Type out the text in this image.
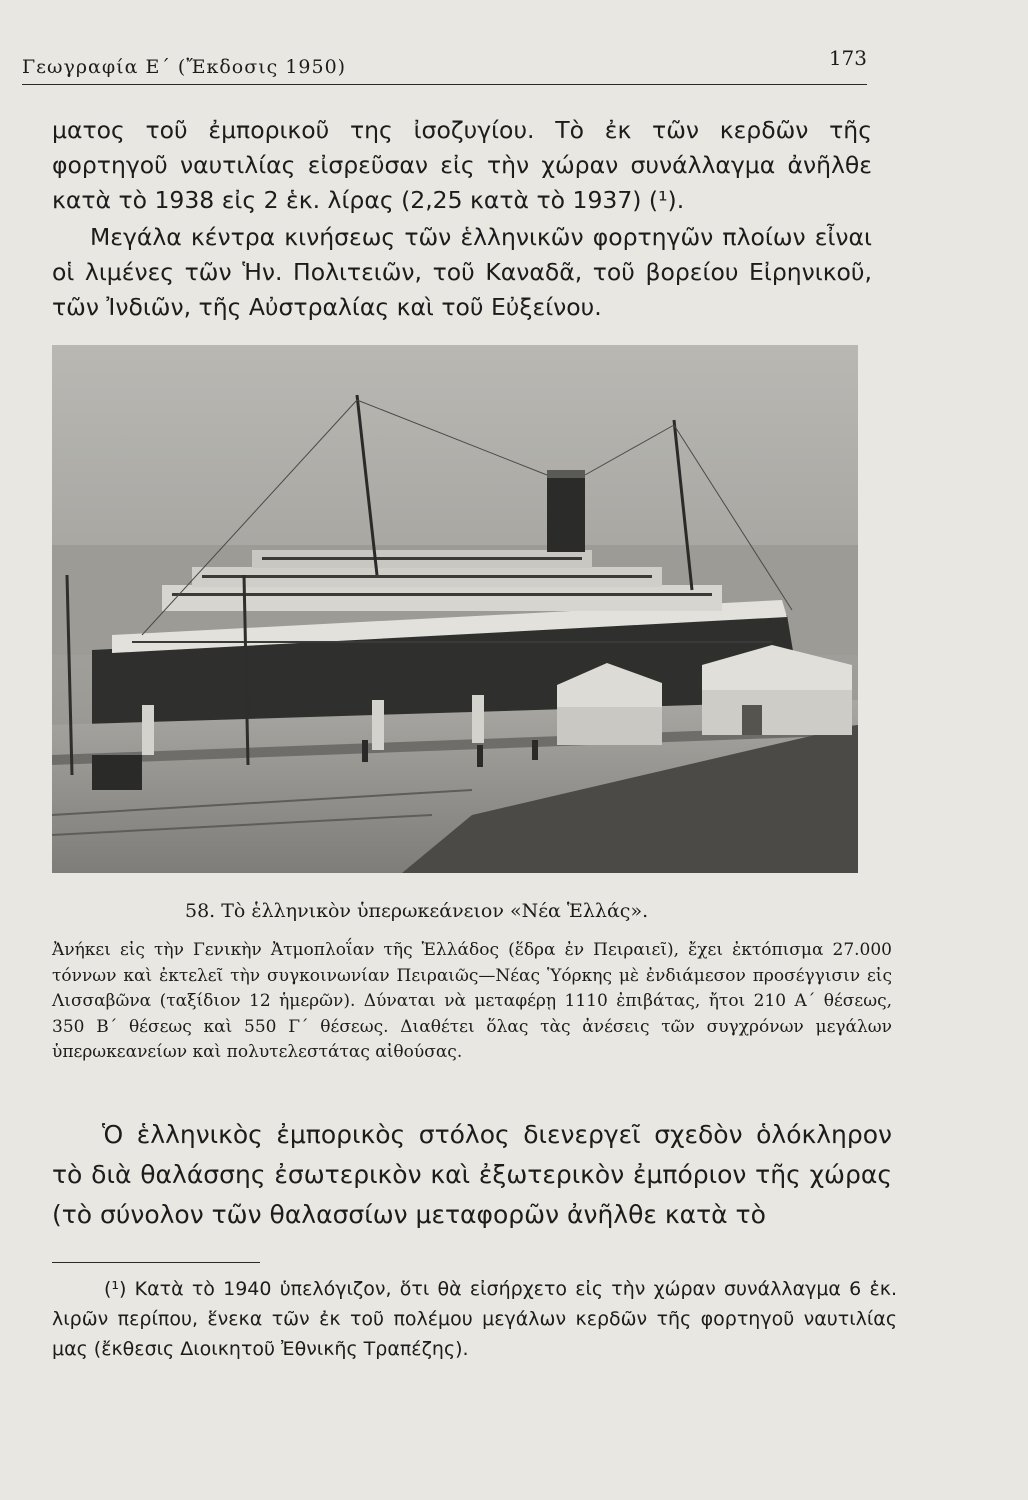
Γεωγραφία Ε΄ (Ἔκδοσις 1950)	173

ματος τοῦ ἐμπορικοῦ της ἰσοζυγίου. Τὸ ἐκ τῶν κερδῶν τῆς φορτηγοῦ ναυτιλίας εἰσρεῦσαν εἰς τὴν χώραν συνάλλαγμα ἀνῆλθε κατὰ τὸ 1938 εἰς 2 ἑκ. λίρας (2,25 κατὰ τὸ 1937) (¹).

Μεγάλα κέντρα κινήσεως τῶν ἑλληνικῶν φορτηγῶν πλοίων εἶναι οἱ λιμένες τῶν Ἡν. Πολιτειῶν, τοῦ Καναδᾶ, τοῦ βορείου Εἰρηνικοῦ, τῶν Ἰνδιῶν, τῆς Αὐστραλίας καὶ τοῦ Εὐξείνου.

58. Τὸ ἑλληνικὸν ὑπερωκεάνειον «Νέα Ἑλλάς».

Ἀνήκει εἰς τὴν Γενικὴν Ἀτμοπλοΐαν τῆς Ἑλλάδος (ἕδρα ἐν Πειραιεῖ), ἔχει ἐκτόπισμα 27.000 τόννων καὶ ἐκτελεῖ τὴν συγκοινωνίαν Πειραιῶς—Νέας Ὑόρκης μὲ ἐνδιάμεσον προσέγγισιν εἰς Λισσαβῶνα (ταξίδιον 12 ἡμερῶν). Δύναται νὰ μεταφέρῃ 1110 ἐπιβάτας, ἤτοι 210 Α΄ θέσεως, 350 Β΄ θέσεως καὶ 550 Γ΄ θέσεως. Διαθέτει ὅλας τὰς ἀνέσεις τῶν συγχρόνων μεγάλων ὑπερωκεανείων καὶ πολυτελεστάτας αἰθούσας.

Ὁ ἑλληνικὸς ἐμπορικὸς στόλος διενεργεῖ σχεδὸν ὁλόκληρον τὸ διὰ θαλάσσης ἐσωτερικὸν καὶ ἐξωτερικὸν ἐμπόριον τῆς χώρας (τὸ σύνολον τῶν θαλασσίων μεταφορῶν ἀνῆλθε κατὰ τὸ

(¹) Κατὰ τὸ 1940 ὑπελόγιζον, ὅτι θὰ εἰσήρχετο εἰς τὴν χώραν συνάλλαγμα 6 ἑκ. λιρῶν περίπου, ἕνεκα τῶν ἐκ τοῦ πολέμου μεγάλων κερδῶν τῆς φορτηγοῦ ναυτιλίας μας (ἔκθεσις Διοικητοῦ Ἐθνικῆς Τραπέζης).
